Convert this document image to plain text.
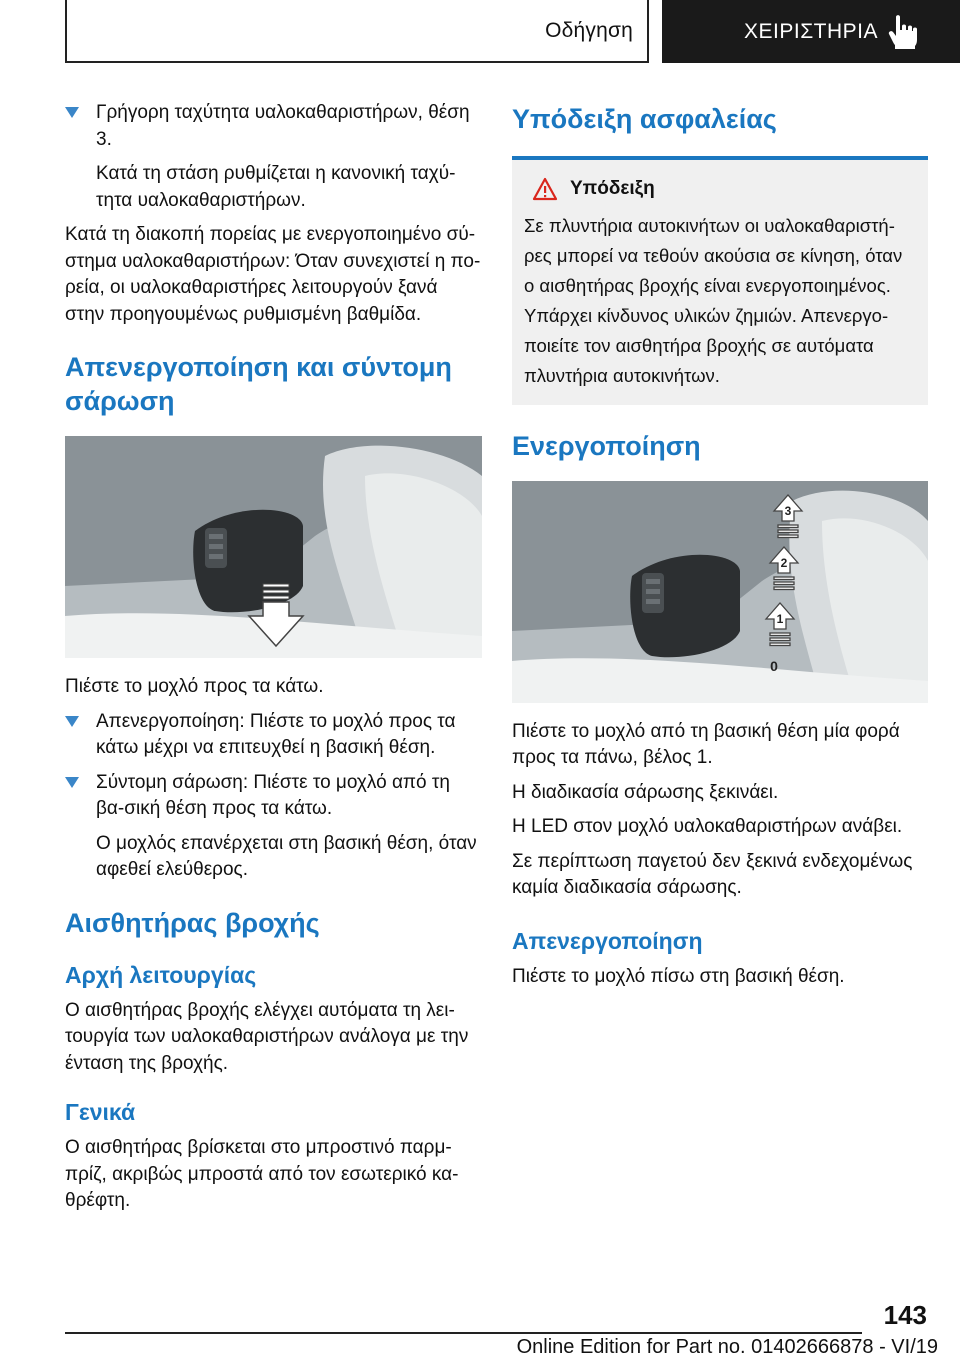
Οδήγηση	ΧΕΙΡΙΣΤΗΡΙΑ
Γρήγορη ταχύτητα υαλοκαθαριστήρων, θέση 3.

Κατά τη στάση ρυθμίζεται η κανονική ταχύ-τητα υαλοκαθαριστήρων.

Κατά τη διακοπή πορείας με ενεργοποιημένο σύ-στημα υαλοκαθαριστήρων: Όταν συνεχιστεί η πο-ρεία, οι υαλοκαθαριστήρες λειτουργούν ξανά στην προηγουμένως ρυθμισμένη βαθμίδα.

Απενεργοποίηση και σύντομη σάρωση

Πιέστε το μοχλό προς τα κάτω.

Απενεργοποίηση: Πιέστε το μοχλό προς τα κάτω μέχρι να επιτευχθεί η βασική θέση.
Σύντομη σάρωση: Πιέστε το μοχλό από τη βα-σική θέση προς τα κάτω.

Ο μοχλός επανέρχεται στη βασική θέση, όταν αφεθεί ελεύθερος.

Αισθητήρας βροχής
Αρχή λειτουργίας

Ο αισθητήρας βροχής ελέγχει αυτόματα τη λει-τουργία των υαλοκαθαριστήρων ανάλογα με την ένταση της βροχής.

Γενικά

Ο αισθητήρας βρίσκεται στο μπροστινό παρμ-πρίζ, ακριβώς μπροστά από τον εσωτερικό κα-θρέφτη.

Υπόδειξη ασφαλείας
Υπόδειξη

Σε πλυντήρια αυτοκινήτων οι υαλοκαθαριστή-ρες μπορεί να τεθούν ακούσια σε κίνηση, όταν ο αισθητήρας βροχής είναι ενεργοποιημένος. Υπάρχει κίνδυνος υλικών ζημιών. Απενεργο-ποιείτε τον αισθητήρα βροχής σε αυτόματα πλυντήρια αυτοκινήτων.

Ενεργοποίηση
3
2
1
0

Πιέστε το μοχλό από τη βασική θέση μία φορά προς τα πάνω, βέλος 1.

Η διαδικασία σάρωσης ξεκινάει.

Η LED στον μοχλό υαλοκαθαριστήρων ανάβει.

Σε περίπτωση παγετού δεν ξεκινά ενδεχομένως καμία διαδικασία σάρωσης.

Απενεργοποίηση

Πιέστε το μοχλό πίσω στη βασική θέση.

143
Online Edition for Part no. 01402666878 - VI/19
